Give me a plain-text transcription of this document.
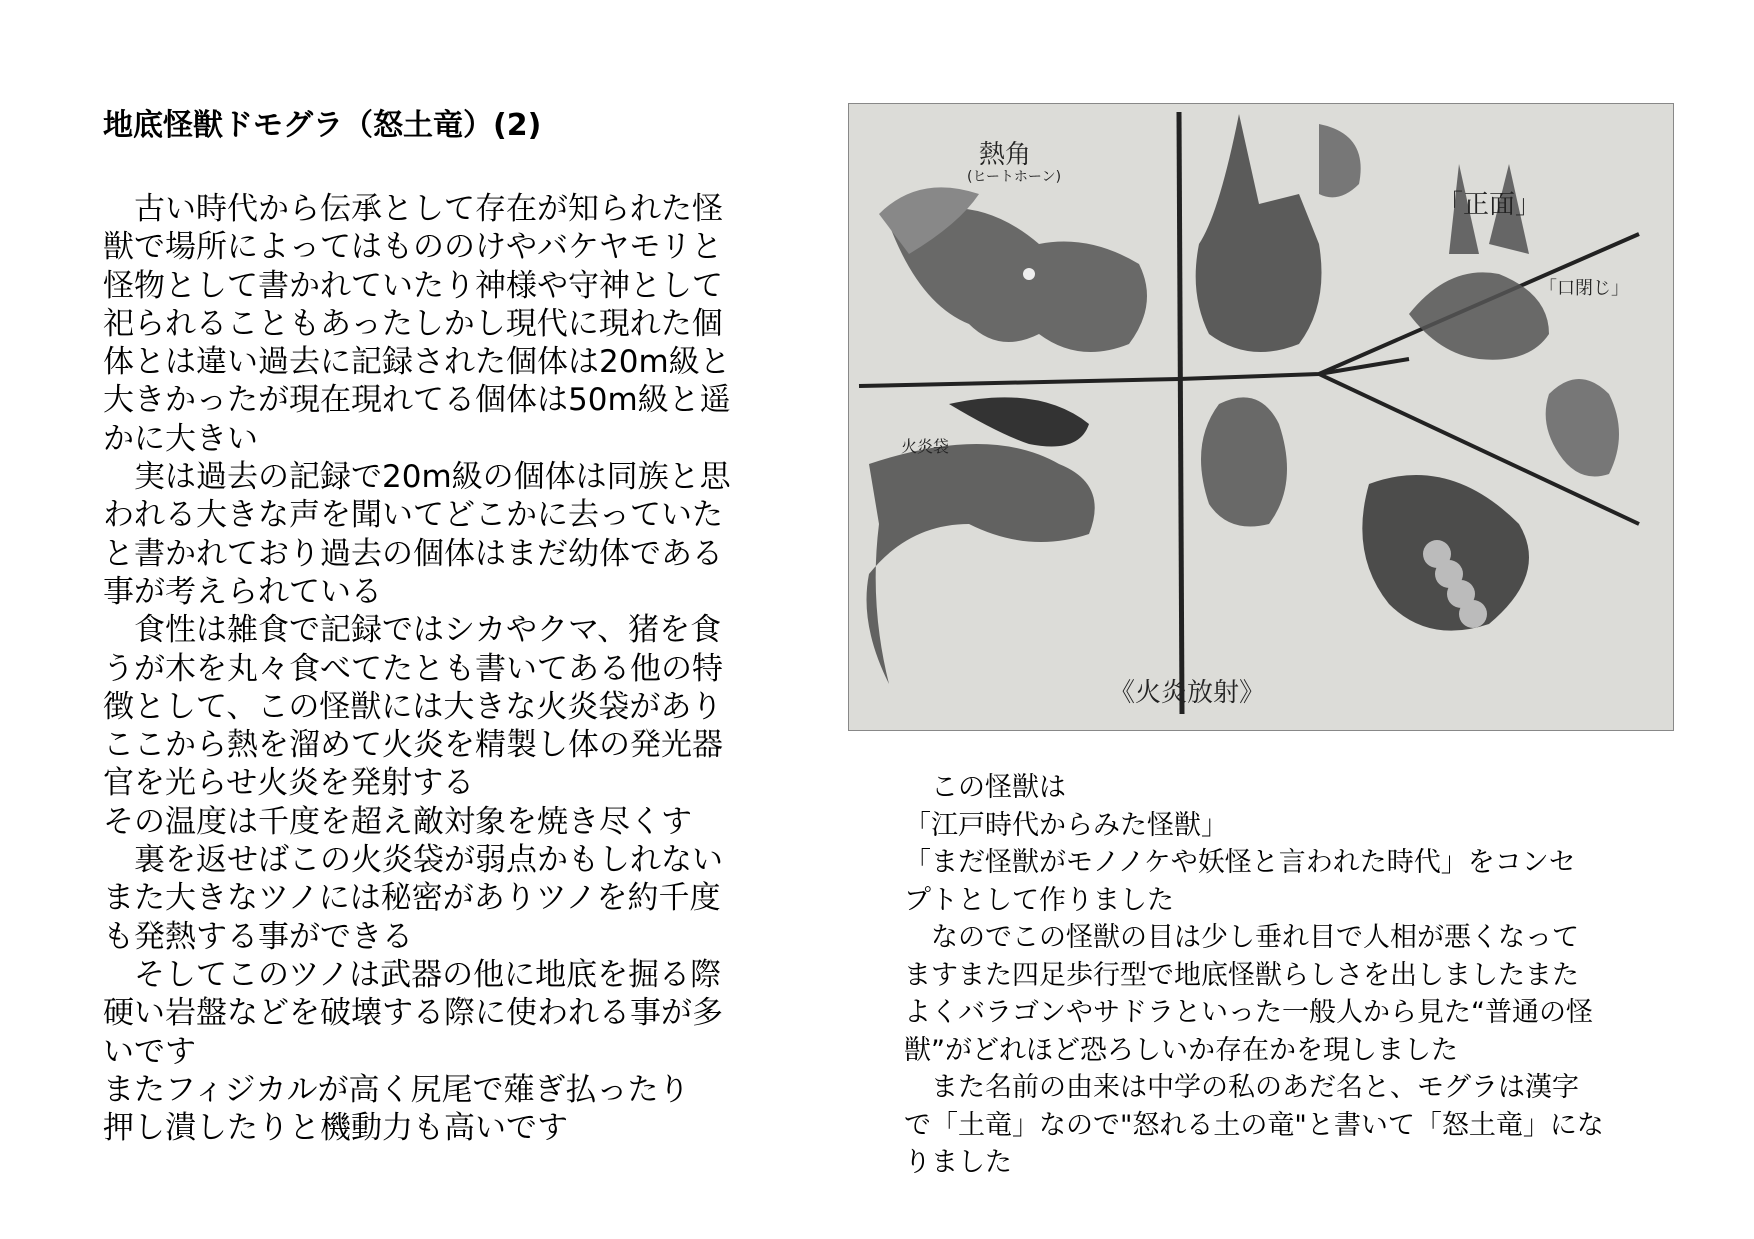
地底怪獣ドモグラ（怒土竜）(2)
　古い時代から伝承として存在が知られた怪
獣で場所によってはもののけやバケヤモリと
怪物として書かれていたり神様や守神として
祀られることもあったしかし現代に現れた個
体とは違い過去に記録された個体は20m級と
大きかったが現在現れてる個体は50m級と遥
かに大きい
　実は過去の記録で20m級の個体は同族と思
われる大きな声を聞いてどこかに去っていた
と書かれており過去の個体はまだ幼体である
事が考えられている
　食性は雑食で記録ではシカやクマ、猪を食
うが木を丸々食べてたとも書いてある他の特
徴として、この怪獣には大きな火炎袋があり
ここから熱を溜めて火炎を精製し体の発光器
官を光らせ火炎を発射する
その温度は千度を超え敵対象を焼き尽くす
　裏を返せばこの火炎袋が弱点かもしれない
また大きなツノには秘密がありツノを約千度
も発熱する事ができる
　そしてこのツノは武器の他に地底を掘る際
硬い岩盤などを破壊する際に使われる事が多
いです
またフィジカルが高く尻尾で薙ぎ払ったり
押し潰したりと機動力も高いです
熱角
(ヒートホーン)
「正面」
「口閉じ」
火炎袋
《火炎放射》
　この怪獣は
「江戸時代からみた怪獣」
「まだ怪獣がモノノケや妖怪と言われた時代」をコンセ
プトとして作りました
　なのでこの怪獣の目は少し垂れ目で人相が悪くなって
ますまた四足歩行型で地底怪獣らしさを出しましたまた
よくバラゴンやサドラといった一般人から見た“普通の怪
獣”がどれほど恐ろしいか存在かを現しました
　また名前の由来は中学の私のあだ名と、モグラは漢字
で「土竜」なので"怒れる土の竜"と書いて「怒土竜」にな
りました
